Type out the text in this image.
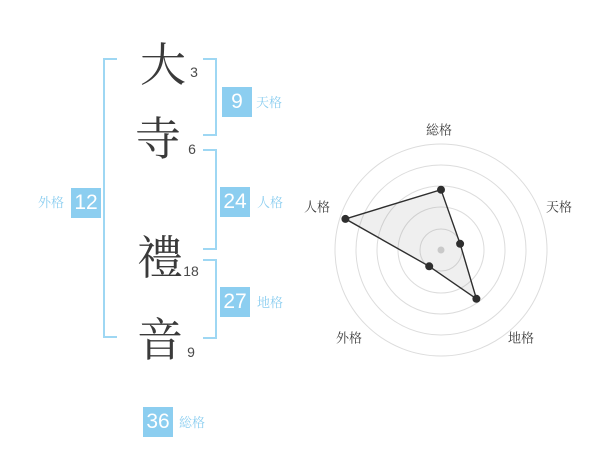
大 3
寺 6
禮 18
音 9
9	天格
24 人格
27 地格
外格 12
36 総格
総格
天格
地格
外格
人格
